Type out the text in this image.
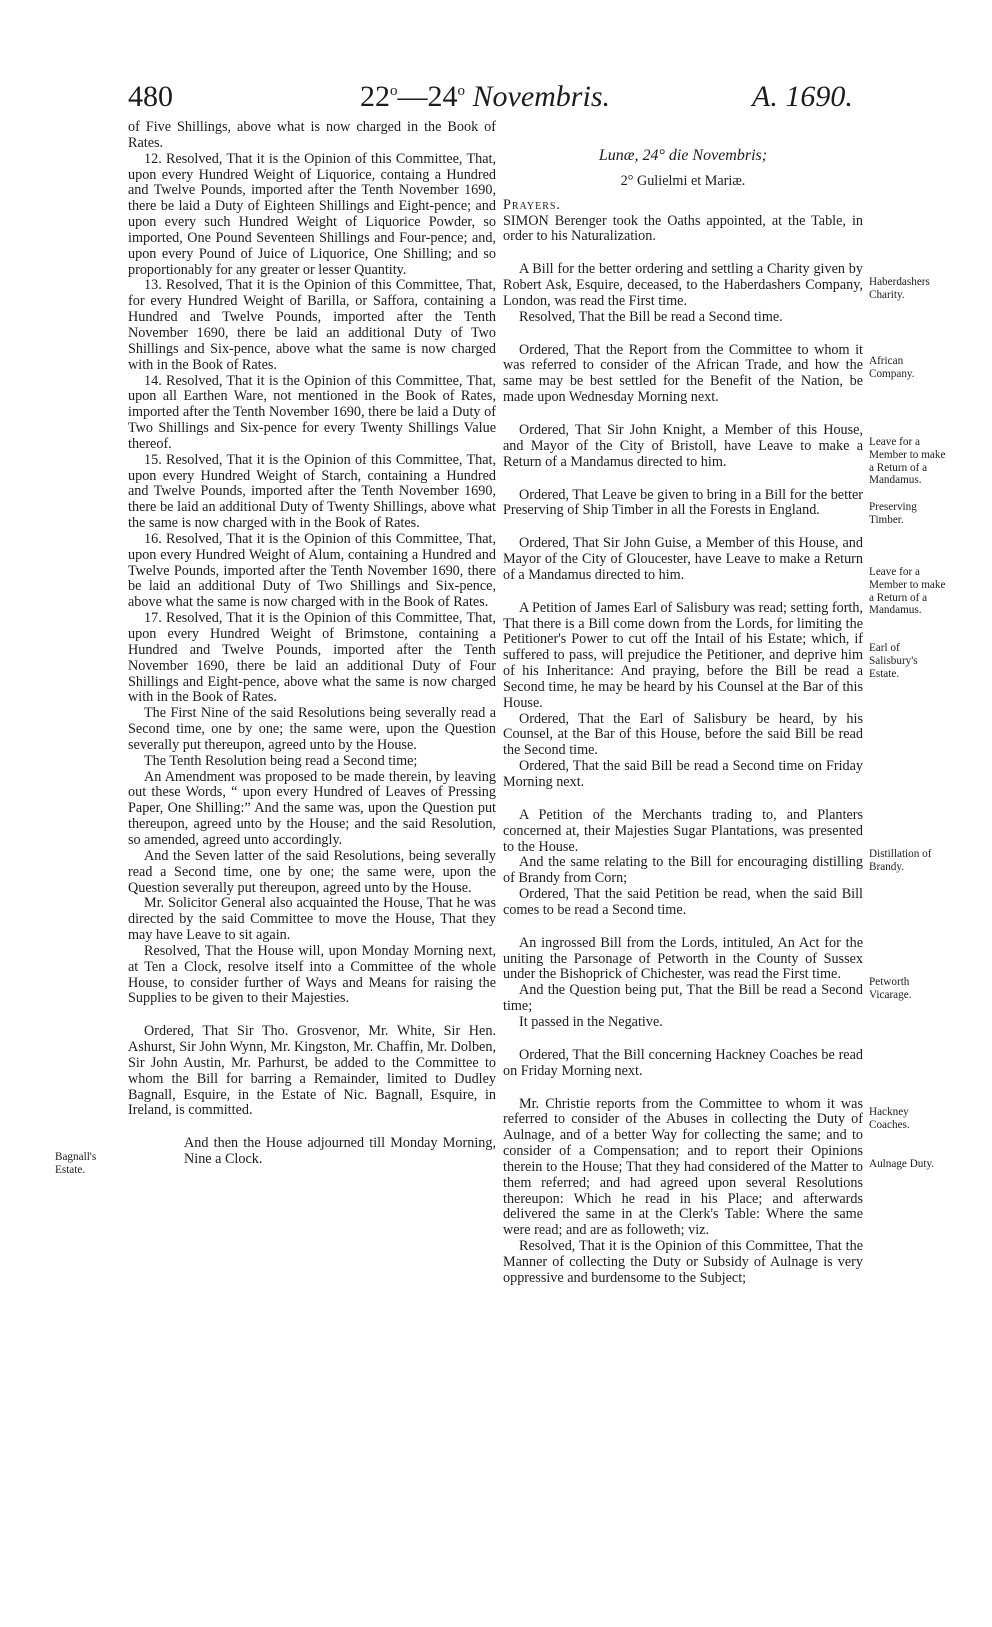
480	22$^o$—24$^o$ Novembris.	A. 1690.

of Five Shillings, above what is now charged in the Book of Rates.

12. Resolved, That it is the Opinion of this Committee, That, upon every Hundred Weight of Liquorice, containg a Hundred and Twelve Pounds, imported after the Tenth November 1690, there be laid a Duty of Eighteen Shillings and Eight-pence; and upon every such Hundred Weight of Liquorice Powder, so imported, One Pound Seventeen Shillings and Four-pence; and, upon every Pound of Juice of Liquorice, One Shilling; and so proportionably for any greater or lesser Quantity.

13. Resolved, That it is the Opinion of this Committee, That, for every Hundred Weight of Barilla, or Saffora, containing a Hundred and Twelve Pounds, imported after the Tenth November 1690, there be laid an additional Duty of Two Shillings and Six-pence, above what the same is now charged with in the Book of Rates.

14. Resolved, That it is the Opinion of this Committee, That, upon all Earthen Ware, not mentioned in the Book of Rates, imported after the Tenth November 1690, there be laid a Duty of Two Shillings and Six-pence for every Twenty Shillings Value thereof.

15. Resolved, That it is the Opinion of this Committee, That, upon every Hundred Weight of Starch, containing a Hundred and Twelve Pounds, imported after the Tenth November 1690, there be laid an additional Duty of Twenty Shillings, above what the same is now charged with in the Book of Rates.

16. Resolved, That it is the Opinion of this Committee, That, upon every Hundred Weight of Alum, containing a Hundred and Twelve Pounds, imported after the Tenth November 1690, there be laid an additional Duty of Two Shillings and Six-pence, above what the same is now charged with in the Book of Rates.

17. Resolved, That it is the Opinion of this Committee, That, upon every Hundred Weight of Brimstone, containing a Hundred and Twelve Pounds, imported after the Tenth November 1690, there be laid an additional Duty of Four Shillings and Eight-pence, above what the same is now charged with in the Book of Rates.

The First Nine of the said Resolutions being severally read a Second time, one by one; the same were, upon the Question severally put thereupon, agreed unto by the House.

The Tenth Resolution being read a Second time;

An Amendment was proposed to be made therein, by leaving out these Words, “ upon every Hundred of Leaves of Pressing Paper, One Shilling:” And the same was, upon the Question put thereupon, agreed unto by the House; and the said Resolution, so amended, agreed unto accordingly.

And the Seven latter of the said Resolutions, being severally read a Second time, one by one; the same were, upon the Question severally put thereupon, agreed unto by the House.

Mr. Solicitor General also acquainted the House, That he was directed by the said Committee to move the House, That they may have Leave to sit again.

Resolved, That the House will, upon Monday Morning next, at Ten a Clock, resolve itself into a Committee of the whole House, to consider further of Ways and Means for raising the Supplies to be given to their Majesties.

Ordered, That Sir Tho. Grosvenor, Mr. White, Sir Hen. Ashurst, Sir John Wynn, Mr. Kingston, Mr. Chaffin, Mr. Dolben, Sir John Austin, Mr. Parhurst, be added to the Committee to whom the Bill for barring a Remainder, limited to Dudley Bagnall, Esquire, in the Estate of Nic. Bagnall, Esquire, in Ireland, is committed.

And then the House adjourned till Monday Morning, Nine a Clock.

Lunæ, 24° die Novembris;

2° Gulielmi et Mariæ.

Prayers.

SIMON Berenger took the Oaths appointed, at the Table, in order to his Naturalization.

A Bill for the better ordering and settling a Charity given by Robert Ask, Esquire, deceased, to the Haberdashers Company, London, was read the First time.

Resolved, That the Bill be read a Second time.

Ordered, That the Report from the Committee to whom it was referred to consider of the African Trade, and how the same may be best settled for the Benefit of the Nation, be made upon Wednesday Morning next.

Ordered, That Sir John Knight, a Member of this House, and Mayor of the City of Bristoll, have Leave to make a Return of a Mandamus directed to him.

Ordered, That Leave be given to bring in a Bill for the better Preserving of Ship Timber in all the Forests in England.

Ordered, That Sir John Guise, a Member of this House, and Mayor of the City of Gloucester, have Leave to make a Return of a Mandamus directed to him.

A Petition of James Earl of Salisbury was read; setting forth, That there is a Bill come down from the Lords, for limiting the Petitioner's Power to cut off the Intail of his Estate; which, if suffered to pass, will prejudice the Petitioner, and deprive him of his Inheritance: And praying, before the Bill be read a Second time, he may be heard by his Counsel at the Bar of this House.

Ordered, That the Earl of Salisbury be heard, by his Counsel, at the Bar of this House, before the said Bill be read the Second time.

Ordered, That the said Bill be read a Second time on Friday Morning next.

A Petition of the Merchants trading to, and Planters concerned at, their Majesties Sugar Plantations, was presented to the House.

And the same relating to the Bill for encouraging distilling of Brandy from Corn;

Ordered, That the said Petition be read, when the said Bill comes to be read a Second time.

An ingrossed Bill from the Lords, intituled, An Act for the uniting the Parsonage of Petworth in the County of Sussex under the Bishoprick of Chichester, was read the First time.

And the Question being put, That the Bill be read a Second time;

It passed in the Negative.

Ordered, That the Bill concerning Hackney Coaches be read on Friday Morning next.

Mr. Christie reports from the Committee to whom it was referred to consider of the Abuses in collecting the Duty of Aulnage, and of a better Way for collecting the same; and to consider of a Compensation; and to report their Opinions therein to the House; That they had considered of the Matter to them referred; and had agreed upon several Resolutions thereupon: Which he read in his Place; and afterwards delivered the same in at the Clerk's Table: Where the same were read; and are as followeth; viz.

Resolved, That it is the Opinion of this Committee, That the Manner of collecting the Duty or Subsidy of Aulnage is very oppressive and burdensome to the Subject;

Bagnall's Estate.
Haberdashers Charity.
African Company.
Leave for a Member to make a Return of a Mandamus.
Preserving Timber.
Leave for a Member to make a Return of a Mandamus.
Earl of Salisbury's Estate.
Distillation of Brandy.
Petworth Vicarage.
Hackney Coaches.
Aulnage Duty.
